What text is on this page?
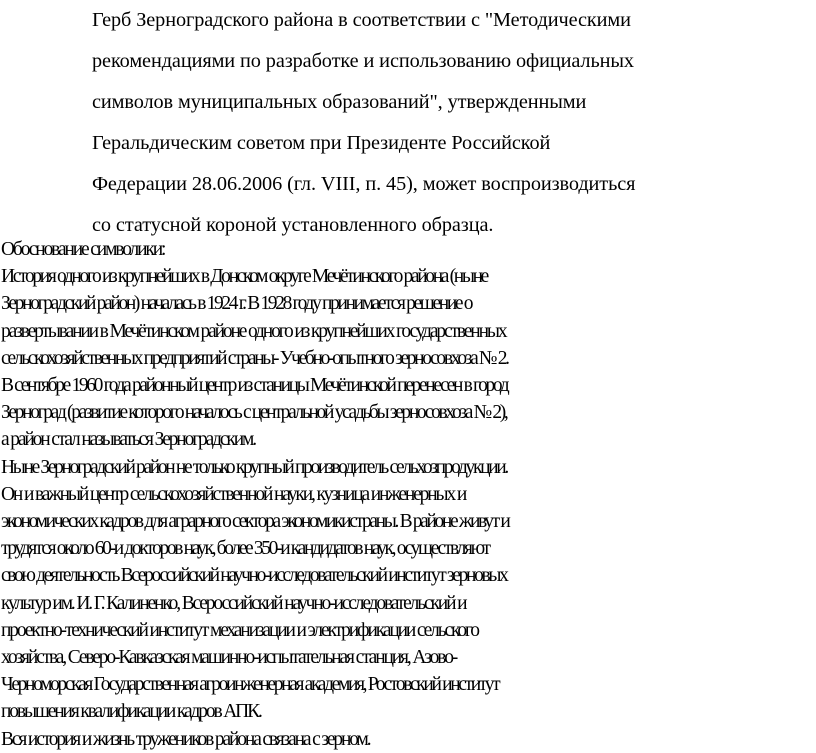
Герб Зерноградского района в соответствии с "Методическими
рекомендациями по разработке и использованию официальных
символов муниципальных образований", утвержденными
Геральдическим советом при Президенте Российской
Федерации 28.06.2006 (гл. VIII, п. 45), может воспроизводиться
со статусной короной установленного образца.

Обоснование символики:
История одного из крупнейших в Донском округе Мечётинского района (ныне
Зерноградский район) началась в 1924 г. В 1928 году принимается решение о
развертывании в Мечётинском районе одного из крупнейших государственных
сельскохозяйственных предприятий страны- Учебно-опытного зерносовхоза № 2.
В сентябре 1960 года районный центр из станицы Мечётинской перенесен в город
Зерноград (развитие которого началось с центральной усадьбы зерносовхоза № 2),
а район стал называться Зерноградским.
Ныне Зерноградский район не только крупный производитель сельхозпродукции.
Он и важный центр сельскохозяйственной науки, кузница инженерных и
экономических кадров для аграрного сектора экономикистраны. В районе живут и
трудятся около 60-и докторов наук, более 350-и кандидатов наук, осуществляют
свою деятельность Всероссийский научно-исследовательский институт зерновых
культур им. И. Г. Калиненко, Всероссийский научно-исследовательский и
проектно-технический институт механизации и электрификации сельского
хозяйства, Северо-Кавказская машинно-испытательная станция, Азово-
Черноморская Государственная агроинженерная академия, Ростовский институт
повышения квалификации кадров АПК.
Вся история и жизнь тружеников района связана с зерном.
